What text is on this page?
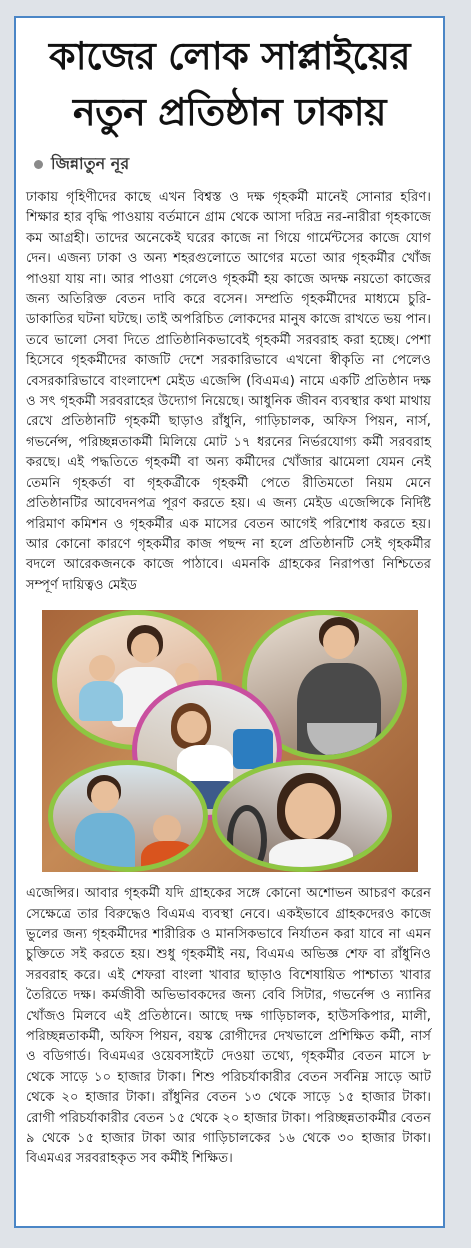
কাজের লোক সাপ্লাইয়ের
নতুন প্রতিষ্ঠান ঢাকায়
জিন্নাতুন নূর
ঢাকায় গৃহিণীদের কাছে এখন বিশ্বস্ত ও দক্ষ গৃহকর্মী মানেই সোনার হরিণ। শিক্ষার হার বৃদ্ধি পাওয়ায় বর্তমানে গ্রাম থেকে আসা দরিদ্র নর-নারীরা গৃহকাজে কম আগ্রহী। তাদের অনেকেই ঘরের কাজে না গিয়ে গার্মেন্টসের কাজে যোগ দেন। এজন্য ঢাকা ও অন্য শহরগুলোতে আগের মতো আর গৃহকর্মীর খোঁজ পাওয়া যায় না। আর পাওয়া গেলেও গৃহকর্মী হয় কাজে অদক্ষ নয়তো কাজের জন্য অতিরিক্ত বেতন দাবি করে বসেন। সম্প্রতি গৃহকর্মীদের মাধ্যমে চুরি-ডাকাতির ঘটনা ঘটছে। তাই অপরিচিত লোকদের মানুষ কাজে রাখতে ভয় পান। তবে ভালো সেবা দিতে প্রাতিষ্ঠানিকভাবেই গৃহকর্মী সরবরাহ করা হচ্ছে। পেশা হিসেবে গৃহকর্মীদের কাজটি দেশে সরকারিভাবে এখনো স্বীকৃতি না পেলেও বেসরকারিভাবে বাংলাদেশ মেইড এজেন্সি (বিএমএ) নামে একটি প্রতিষ্ঠান দক্ষ ও সৎ গৃহকর্মী সরবরাহের উদ্যোগ নিয়েছে। আধুনিক জীবন ব্যবস্থার কথা মাথায় রেখে প্রতিষ্ঠানটি গৃহকর্মী ছাড়াও রাঁধুনি, গাড়িচালক, অফিস পিয়ন, নার্স, গভর্নেন্স, পরিচ্ছন্নতাকর্মী মিলিয়ে মোট ১৭ ধরনের নির্ভরযোগ্য কর্মী সরবরাহ করছে। এই পদ্ধতিতে গৃহকর্মী বা অন্য কর্মীদের খোঁজার ঝামেলা যেমন নেই তেমনি গৃহকর্তা বা গৃহকর্ত্রীকে গৃহকর্মী পেতে রীতিমতো নিয়ম মেনে প্রতিষ্ঠানটির আবেদনপত্র পূরণ করতে হয়। এ জন্য মেইড এজেন্সিকে নির্দিষ্ট পরিমাণ কমিশন ও গৃহকর্মীর এক মাসের বেতন আগেই পরিশোধ করতে হয়। আর কোনো কারণে গৃহকর্মীর কাজ পছন্দ না হলে প্রতিষ্ঠানটি সেই গৃহকর্মীর বদলে আরেকজনকে কাজে পাঠাবে। এমনকি গ্রাহকের নিরাপত্তা নিশ্চিতের সম্পূর্ণ দায়িত্বও মেইড
এজেন্সির। আবার গৃহকর্মী যদি গ্রাহকের সঙ্গে কোনো অশোভন আচরণ করেন সেক্ষেত্রে তার বিরুদ্ধেও বিএমএ ব্যবস্থা নেবে। একইভাবে গ্রাহকদেরও কাজে ভুলের জন্য গৃহকর্মীদের শারীরিক ও মানসিকভাবে নির্যাতন করা যাবে না এমন চুক্তিতে সই করতে হয়। শুধু গৃহকর্মীই নয়, বিএমএ অভিজ্ঞ শেফ বা রাঁধুনিও সরবরাহ করে। এই শেফরা বাংলা খাবার ছাড়াও বিশেষায়িত পাশ্চাত্য খাবার তৈরিতে দক্ষ। কর্মজীবী অভিভাবকদের জন্য বেবি সিটার, গভর্নেন্স ও ন্যানির খোঁজও মিলবে এই প্রতিষ্ঠানে। আছে দক্ষ গাড়িচালক, হাউসকিপার, মালী, পরিচ্ছন্নতাকর্মী, অফিস পিয়ন, বয়স্ক রোগীদের দেখভালে প্রশিক্ষিত কর্মী, নার্স ও বডিগার্ড। বিএমএর ওয়েবসাইটে দেওয়া তথ্যে, গৃহকর্মীর বেতন মাসে ৮ থেকে সাড়ে ১০ হাজার টাকা। শিশু পরিচর্যাকারীর বেতন সর্বনিম্ন সাড়ে আট থেকে ২০ হাজার টাকা। রাঁধুনির বেতন ১৩ থেকে সাড়ে ১৫ হাজার টাকা। রোগী পরিচর্যাকারীর বেতন ১৫ থেকে ২০ হাজার টাকা। পরিচ্ছন্নতাকর্মীর বেতন ৯ থেকে ১৫ হাজার টাকা আর গাড়িচালকের ১৬ থেকে ৩০ হাজার টাকা। বিএমএর সরবরাহকৃত সব কর্মীই শিক্ষিত।
